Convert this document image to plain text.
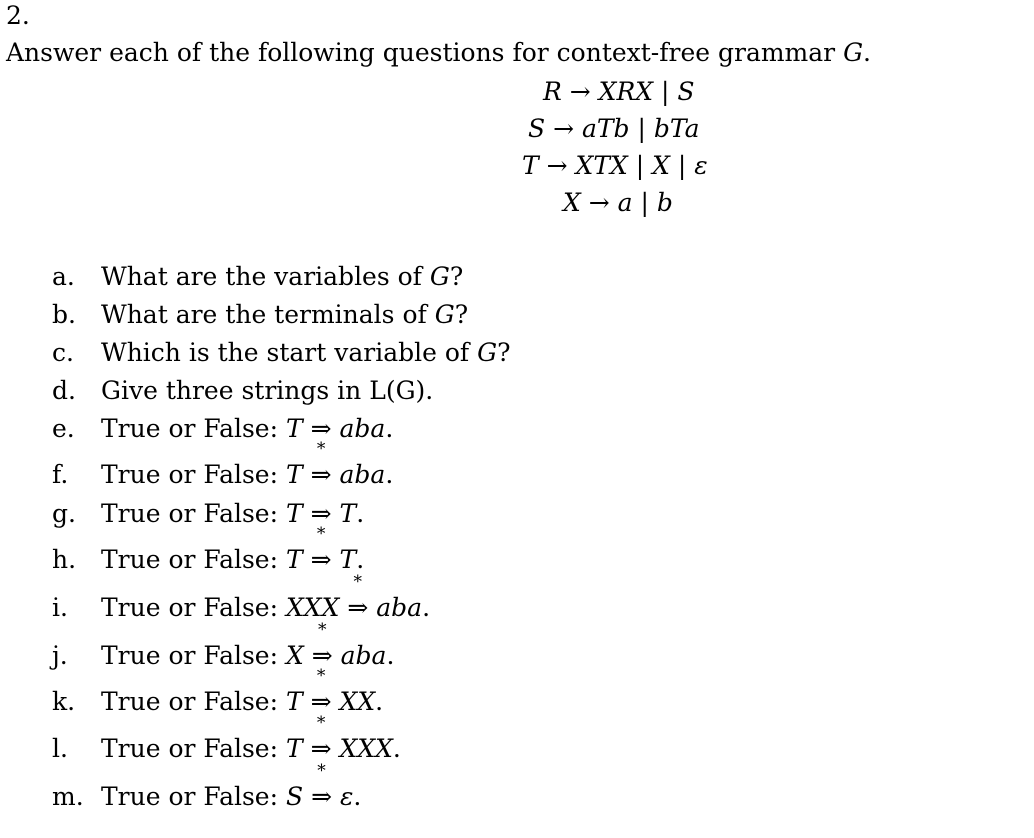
2.
Answer each of the following questions for context-free grammar G.
R → XRX | S
S → aTb | bTa
T → XTX | X | ε
X → a | b
a.	What are the variables of G?
b.	What are the terminals of G?
c.	Which is the start variable of G?
d.	Give three strings in L(G).
e.	True or False: T ⇒ aba.
f.	True or False: T ⇒
*
aba.
g.	True or False: T ⇒ T.
h. True or False: T ⇒
*
T.
i.	True or False: XXX ⇒
*
aba.
j.	True or False: X ⇒
*
aba.
k.	True or False: T ⇒
*
XX.
l.	True or False: T ⇒
*
XXX.
m. True or False: S ⇒
*
ε.
